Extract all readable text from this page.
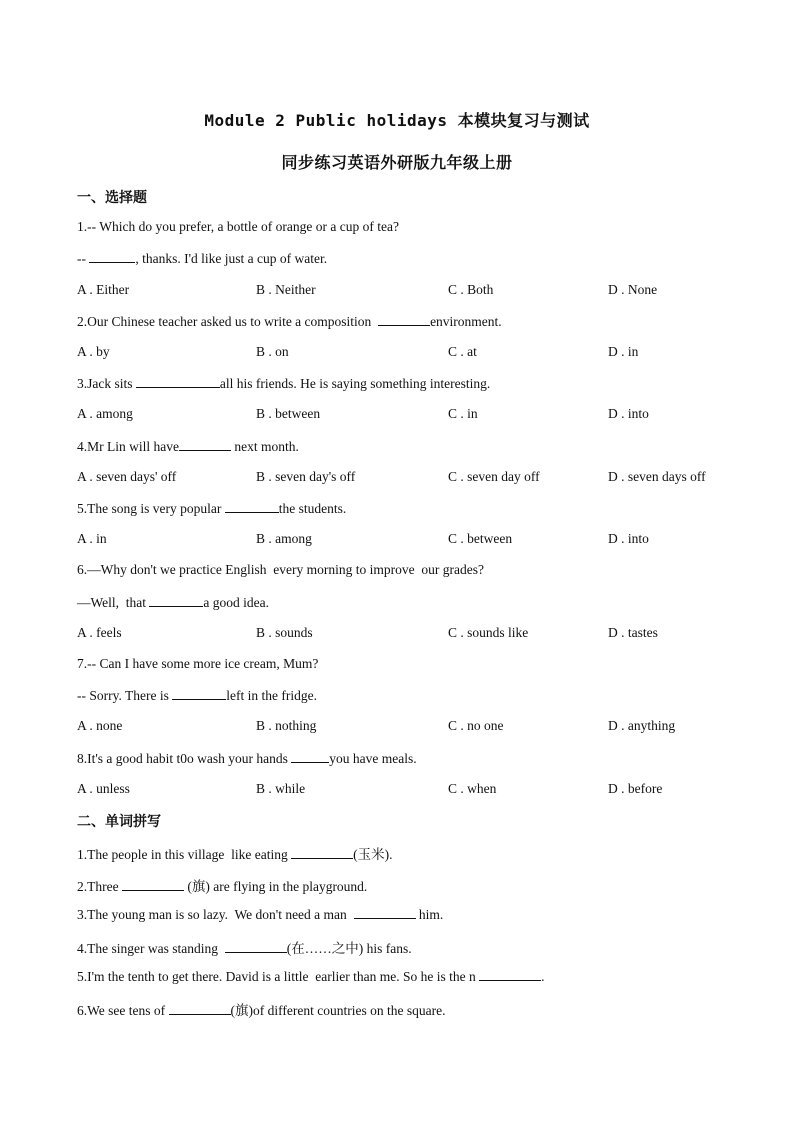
Module 2 Public holidays 本模块复习与测试
同步练习英语外研版九年级上册
一、选择题
1.-- Which do you prefer, a bottle of orange or a cup of tea?
--	, thanks. I'd like just a cup of water.
A . Either	B . Neither	C . Both	D . None
2.Our Chinese teacher asked us to write a composition	environment.
A . by	B . on	C . at	D . in
3.Jack sits	all his friends. He is saying something interesting.
A . among	B . between	C . in	D . into
4.Mr Lin will have	next month.
A . seven days' off	B . seven day's off	C . seven day off	D . seven days off
5.The song is very popular	the students.
A . in	B . among	C . between	D . into
6.—Why don't we practice English  every morning to improve  our grades?
—Well,  that	a good idea.
A . feels	B . sounds	C . sounds like	D . tastes
7.-- Can I have some more ice cream, Mum?
-- Sorry. There is	left in the fridge.
A . none	B . nothing	C . no one	D . anything
8.It's a good habit t0o wash your hands	you have meals.
A . unless	B . while	C . when	D . before
二、单词拼写
1.The people in this village  like eating	(玉米).
2.Three	(旗) are flying in the playground.
3.The young man is so lazy.  We don't need a man	him.
4.The singer was standing	(在……之中) his fans.
5.I'm the tenth to get there. David is a little  earlier than me. So he is the n	.
6.We see tens of	(旗)of different countries on the square.
